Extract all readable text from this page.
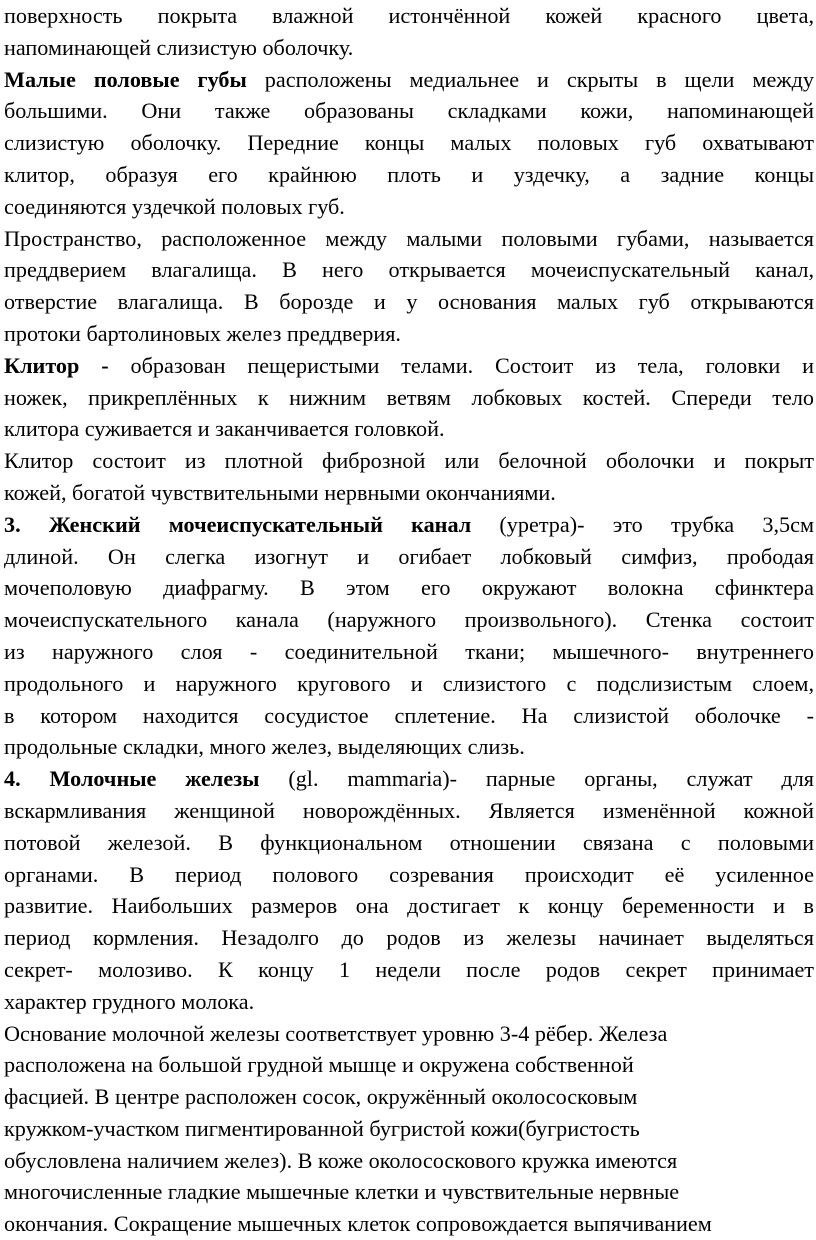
поверхность покрыта влажной истончённой кожей красного цвета,
напоминающей слизистую оболочку.

Малые половые губы расположены медиальнее и скрыты в щели между
большими. Они также образованы складками кожи, напоминающей
слизистую оболочку. Передние концы малых половых губ охватывают
клитор, образуя его крайнюю плоть и уздечку, а задние концы
соединяются уздечкой половых губ.

Пространство, расположенное между малыми половыми губами, называется
преддверием влагалища. В него открывается мочеиспускательный канал,
отверстие влагалища. В борозде и у основания малых губ открываются
протоки бартолиновых желез преддверия.

Клитор - образован пещеристыми телами. Состоит из тела, головки и
ножек, прикреплённых к нижним ветвям лобковых костей. Спереди тело
клитора суживается и заканчивается головкой.

Клитор состоит из плотной фиброзной или белочной оболочки и покрыт
кожей, богатой чувствительными нервными окончаниями.

3. Женский мочеиспускательный канал (уретра)- это трубка 3,5см
длиной. Он слегка изогнут и огибает лобковый симфиз, прободая
мочеполовую диафрагму. В этом его окружают волокна сфинктера
мочеиспускательного канала (наружного произвольного). Стенка состоит
из наружного слоя - соединительной ткани; мышечного- внутреннего
продольного и наружного кругового и слизистого с подслизистым слоем,
в котором находится сосудистое сплетение. На слизистой оболочке -
продольные складки, много желез, выделяющих слизь.

4. Молочные железы (gl. mammaria)- парные органы, служат для
вскармливания женщиной новорождённых. Является изменённой кожной
потовой железой. В функциональном отношении связана с половыми
органами. В период полового созревания происходит её усиленное
развитие. Наибольших размеров она достигает к концу беременности и в
период кормления. Незадолго до родов из железы начинает выделяться
секрет- молозиво. К концу 1 недели после родов секрет принимает
характер грудного молока.

Основание молочной железы соответствует уровню 3-4 рёбер. Железа
расположена на большой грудной мышце и окружена собственной
фасцией. В центре расположен сосок, окружённый околососковым
кружком-участком пигментированной бугристой кожи(бугристость
обусловлена наличием желез). В коже околососкового кружка имеются
многочисленные гладкие мышечные клетки и чувствительные нервные
окончания. Сокращение мышечных клеток сопровождается выпячиванием
